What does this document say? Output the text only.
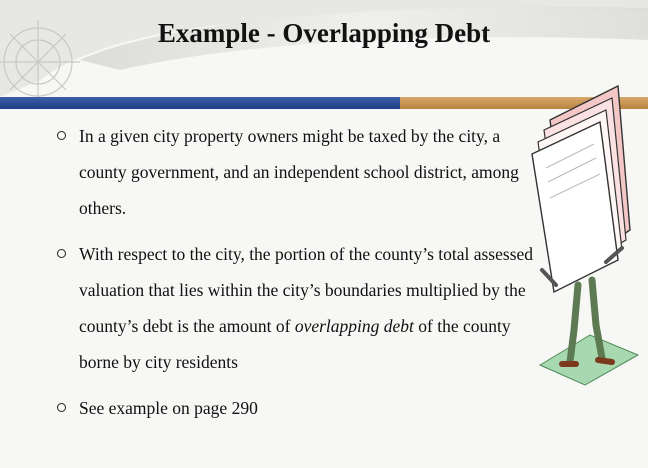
Example - Overlapping Debt
In a given city property owners might be taxed by the city, a county government, and an independent school district, among others.
With respect to the city, the portion of the county’s total assessed valuation that lies within the city’s boundaries multiplied by the county’s debt is the amount of overlapping debt of the county borne by city residents
See example on page 290
